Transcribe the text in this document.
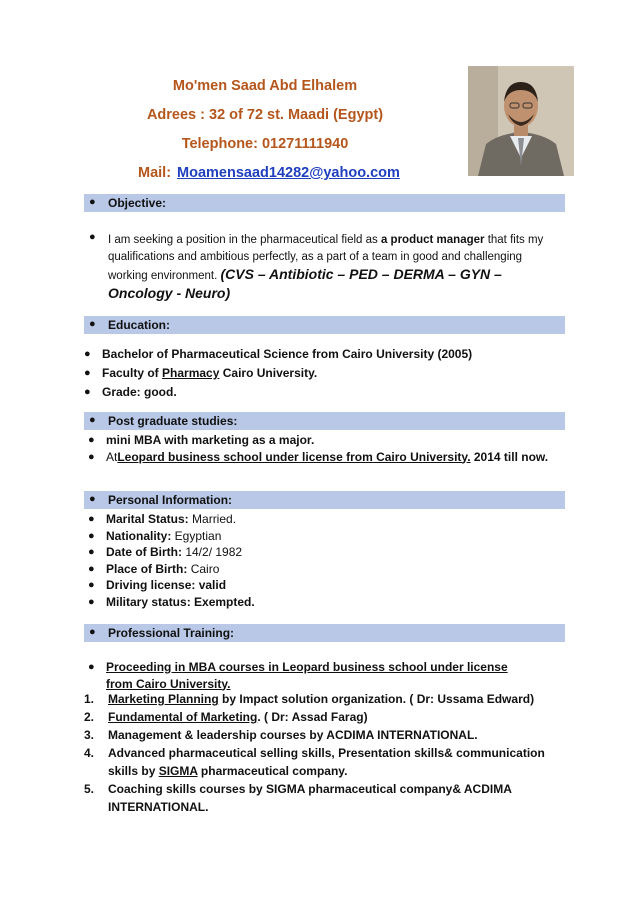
Mo'men Saad Abd Elhalem
Adrees : 32 of 72 st. Maadi (Egypt)
Telephone: 01271111940
Mail: Moamensaad14282@yahoo.com
● Objective:
● I am seeking a position in the pharmaceutical field as a product manager that fits my qualifications and ambitious perfectly, as a part of a team in good and challenging working environment. (CVS – Antibiotic – PED – DERMA – GYN – Oncology - Neuro)
● Education:
● Bachelor of Pharmaceutical Science from Cairo University (2005)
● Faculty of Pharmacy Cairo University.
● Grade: good.
● Post graduate studies:
● mini MBA with marketing as a major.
● AtLeopard business school under license from Cairo University. 2014 till now.
● Personal Information:
● Marital Status: Married.
● Nationality: Egyptian
● Date of Birth: 14/2/ 1982
● Place of Birth: Cairo
● Driving license: valid
● Military status: Exempted.
● Professional Training:
● Proceeding in MBA courses in Leopard business school under license from Cairo University.
1. Marketing Planning by Impact solution organization. ( Dr: Ussama Edward)
2. Fundamental of Marketing. ( Dr: Assad Farag)
3. Management & leadership courses by ACDIMA INTERNATIONAL.
4. Advanced pharmaceutical selling skills, Presentation skills& communication skills by SIGMA pharmaceutical company.
5. Coaching skills courses by SIGMA pharmaceutical company& ACDIMA INTERNATIONAL.
